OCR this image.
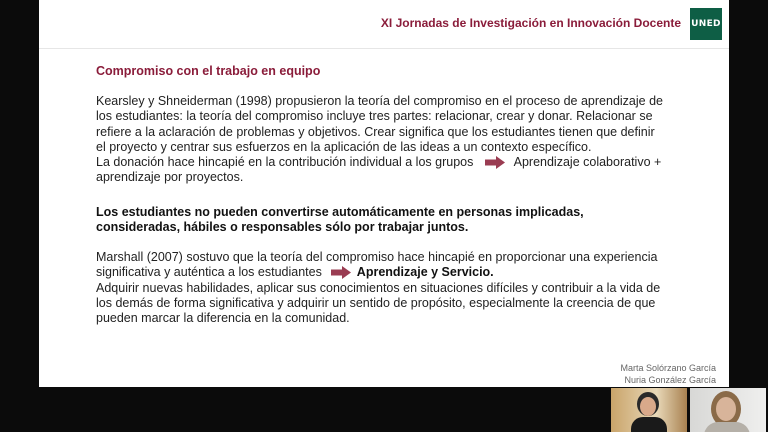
XI Jornadas de Investigación en Innovación Docente UNED
Compromiso con el trabajo en equipo

Kearsley y Shneiderman (1998) propusieron la teoría del compromiso en el proceso de aprendizaje de
los estudiantes: la teoría del compromiso incluye tres partes: relacionar, crear y donar. Relacionar se
refiere a la aclaración de problemas y objetivos. Crear significa que los estudiantes tienen que definir
el proyecto y centrar sus esfuerzos en la aplicación de las ideas a un contexto específico.
La donación hace hincapié en la contribución individual a los grupos	Aprendizaje colaborativo +
aprendizaje por proyectos.

Los estudiantes no pueden convertirse automáticamente en personas implicadas,
consideradas, hábiles o responsables sólo por trabajar juntos.

Marshall (2007) sostuvo que la teoría del compromiso hace hincapié en proporcionar una experiencia
significativa y auténtica a los estudiantes	Aprendizaje y Servicio.
Adquirir nuevas habilidades, aplicar sus conocimientos en situaciones difíciles y contribuir a la vida de
los demás de forma significativa y adquirir un sentido de propósito, especialmente la creencia de que
pueden marcar la diferencia en la comunidad.

Marta Solórzano García
Nuria González García
